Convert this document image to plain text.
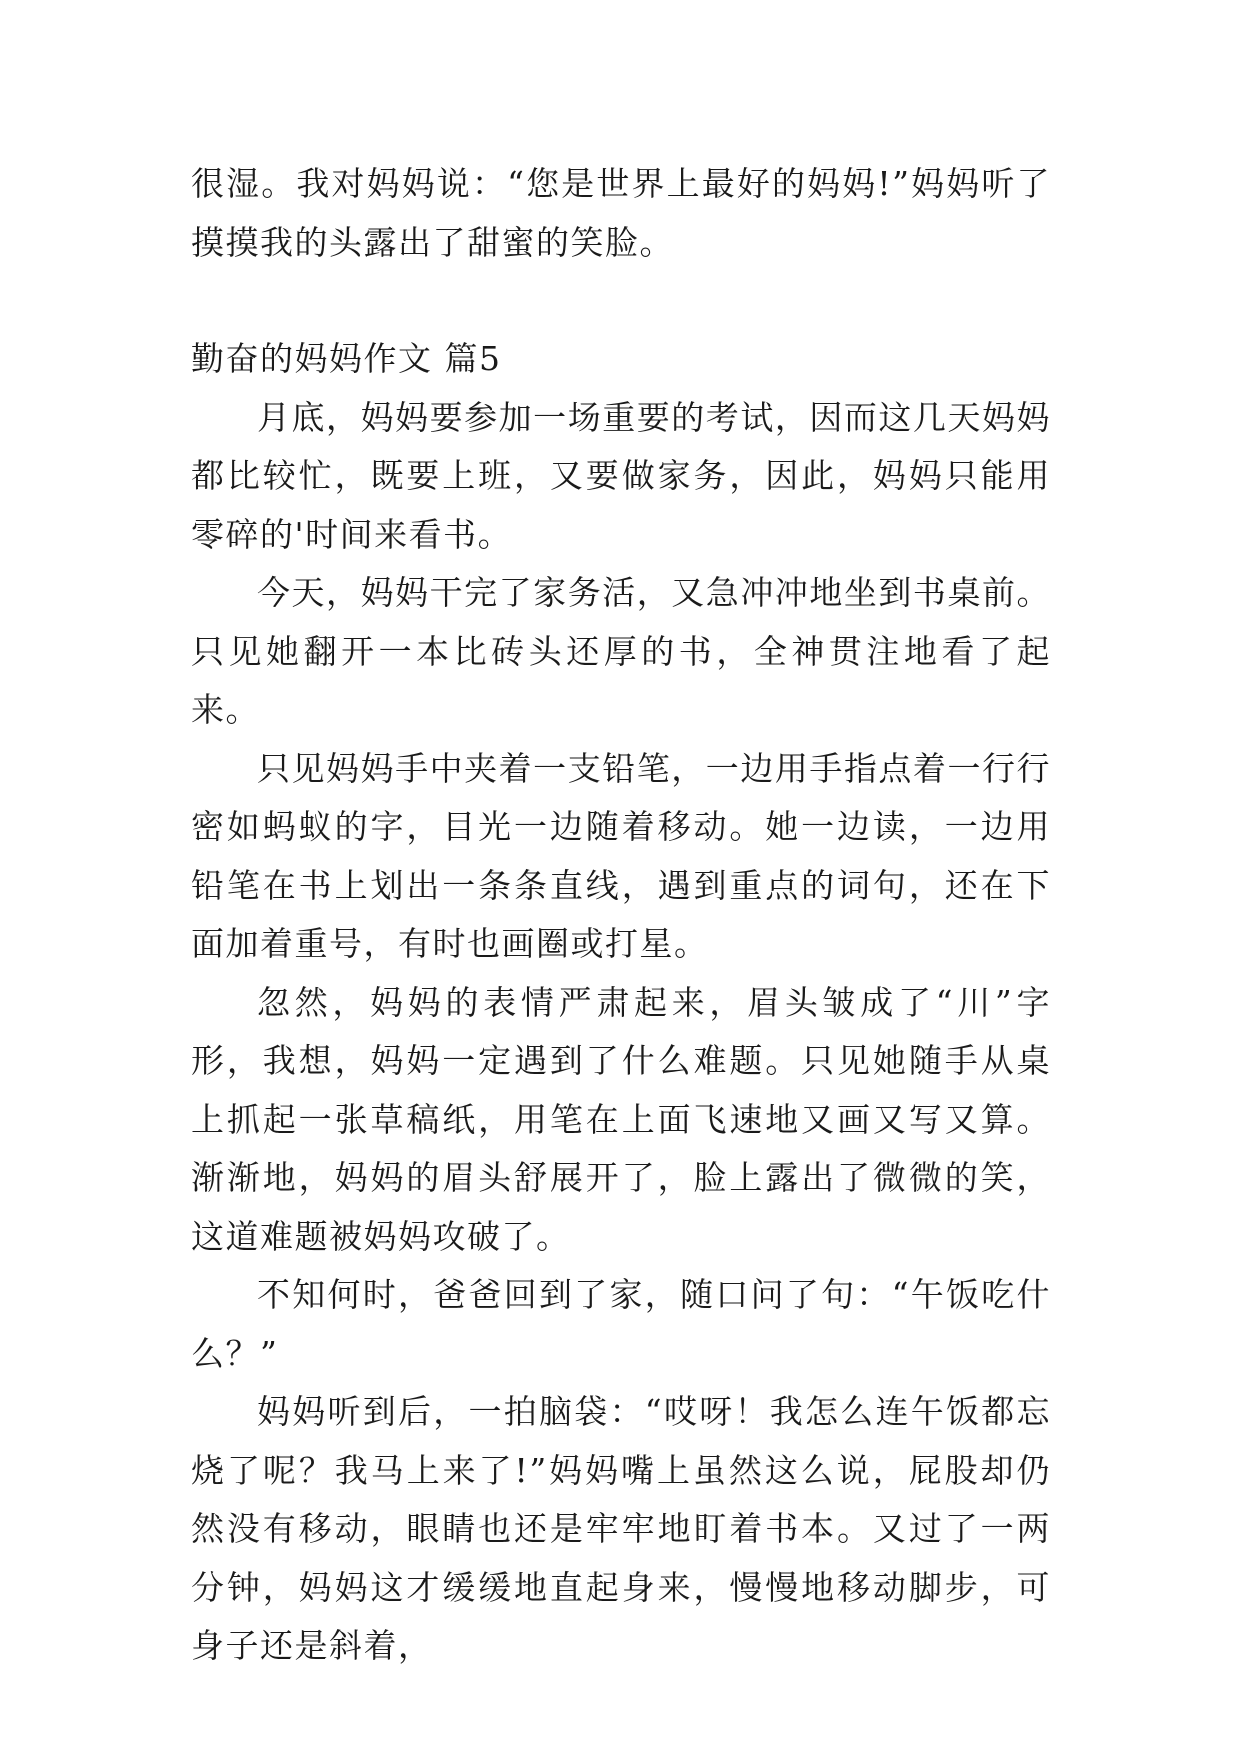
很湿。我对妈妈说：“您是世界上最好的妈妈!”妈妈听了摸摸我的头露出了甜蜜的笑脸。

勤奋的妈妈作文 篇5

月底，妈妈要参加一场重要的考试，因而这几天妈妈都比较忙，既要上班，又要做家务，因此，妈妈只能用零碎的'时间来看书。

今天，妈妈干完了家务活，又急冲冲地坐到书桌前。只见她翻开一本比砖头还厚的书，全神贯注地看了起来。

只见妈妈手中夹着一支铅笔，一边用手指点着一行行密如蚂蚁的字，目光一边随着移动。她一边读，一边用铅笔在书上划出一条条直线，遇到重点的词句，还在下面加着重号，有时也画圈或打星。

忽然，妈妈的表情严肃起来，眉头皱成了“川”字形，我想，妈妈一定遇到了什么难题。只见她随手从桌上抓起一张草稿纸，用笔在上面飞速地又画又写又算。渐渐地，妈妈的眉头舒展开了，脸上露出了微微的笑，这道难题被妈妈攻破了。

不知何时，爸爸回到了家，随口问了句：“午饭吃什么？”

妈妈听到后，一拍脑袋：“哎呀！我怎么连午饭都忘烧了呢？我马上来了!”妈妈嘴上虽然这么说，屁股却仍然没有移动，眼睛也还是牢牢地盯着书本。又过了一两分钟，妈妈这才缓缓地直起身来，慢慢地移动脚步，可身子还是斜着，
